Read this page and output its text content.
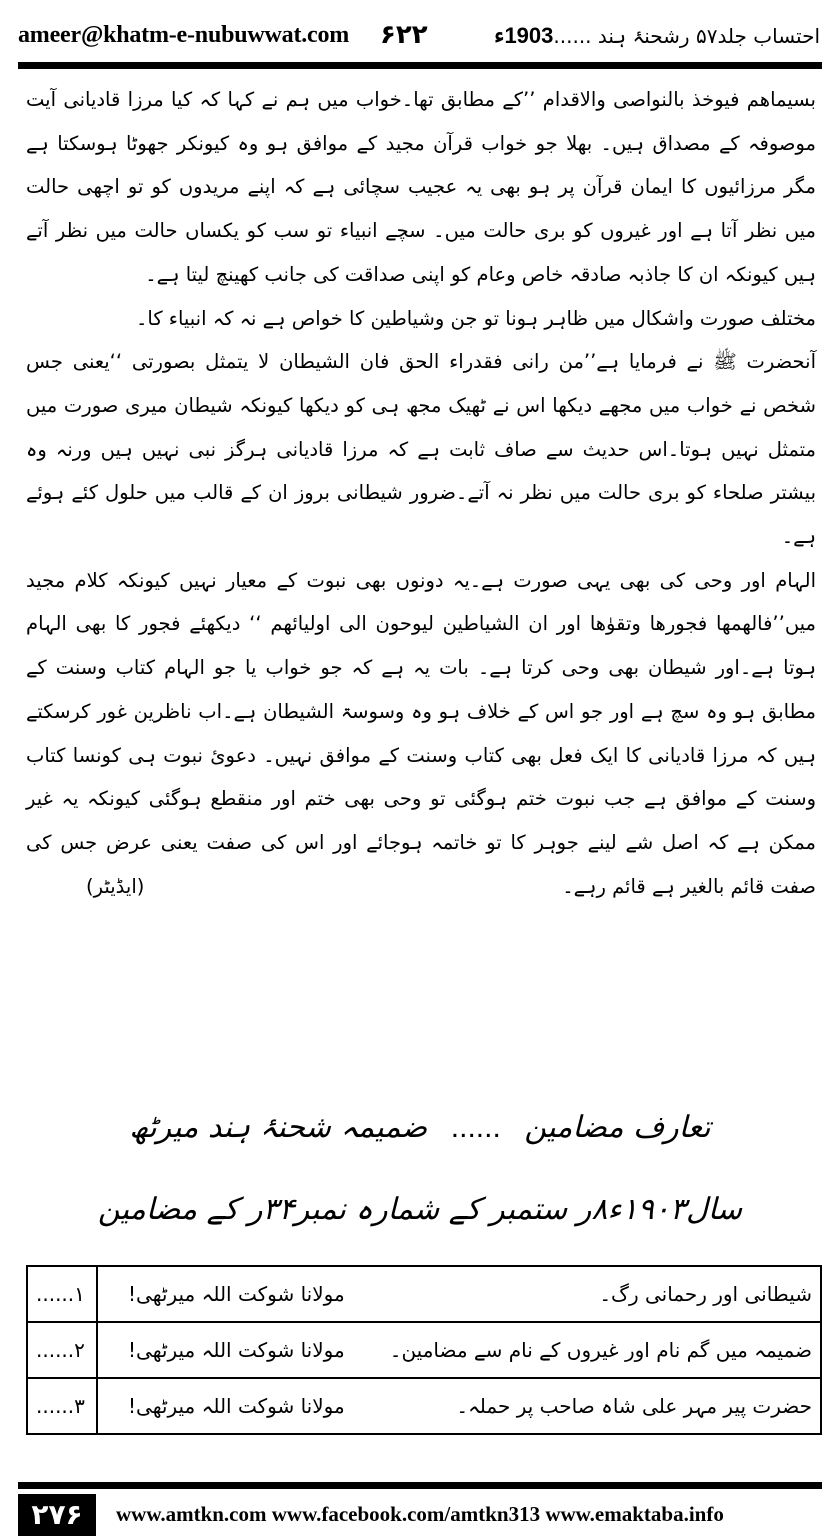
ameer@khatm-e-nubuwwat.com ۶۲۲	احتساب جلد۵۷ رشحنۂ ہند ......1903ء

بسیماھم فیوخذ بالنواصی والاقدام ’’کے مطابق تھا۔خواب میں ہم نے کہا کہ کیا مرزا قادیانی آیت موصوفہ کے مصداق ہیں۔ بھلا جو خواب قرآن مجید کے موافق ہو وہ کیونکر جھوٹا ہوسکتا ہے مگر مرزائیوں کا ایمان قرآن پر ہو بھی یہ عجیب سچائی ہے کہ اپنے مریدوں کو تو اچھی حالت میں نظر آتا ہے اور غیروں کو بری حالت میں۔ سچے انبیاء تو سب کو یکساں حالت میں نظر آتے ہیں کیونکہ ان کا جاذبہ صادقہ خاص وعام کو اپنی صداقت کی جانب کھینچ لیتا ہے۔

مختلف صورت واشکال میں ظاہر ہونا تو جن وشیاطین کا خواص ہے نہ کہ انبیاء کا۔

آنحضرت ﷺ نے فرمایا ہے’’من رانی فقدراء الحق فان الشیطان لا یتمثل بصورتی ‘‘یعنی جس شخص نے خواب میں مجھے دیکھا اس نے ٹھیک مجھ ہی کو دیکھا کیونکہ شیطان میری صورت میں متمثل نہیں ہوتا۔اس حدیث سے صاف ثابت ہے کہ مرزا قادیانی ہرگز نبی نہیں ہیں ورنہ وہ بیشتر صلحاء کو بری حالت میں نظر نہ آتے۔ضرور شیطانی بروز ان کے قالب میں حلول کئے ہوئے ہے۔

الہام اور وحی کی بھی یہی صورت ہے۔یہ دونوں بھی نبوت کے معیار نہیں کیونکہ کلام مجید میں’’فالھمھا فجورھا وتقوٰھا اور ان الشیاطین لیوحون الی اولیائھم ‘‘ دیکھئے فجور کا بھی الہام ہوتا ہے۔اور شیطان بھی وحی کرتا ہے۔ بات یہ ہے کہ جو خواب یا جو الہام کتاب وسنت کے مطابق ہو وہ سچ ہے اور جو اس کے خلاف ہو وہ وسوسۃ الشیطان ہے۔اب ناظرین غور کرسکتے ہیں کہ مرزا قادیانی کا ایک فعل بھی کتاب وسنت کے موافق نہیں۔ دعوئ نبوت ہی کونسا کتاب وسنت کے موافق ہے جب نبوت ختم ہوگئی تو وحی بھی ختم اور منقطع ہوگئی کیونکہ یہ غیر ممکن ہے کہ اصل شے لینے جوہر کا تو خاتمہ ہوجائے اور اس کی صفت یعنی عرض جس کی صفت قائم بالغیر ہے قائم رہے۔
(ایڈیٹر)

تعارف مضامین ...... ضمیمہ شحنۂ ہند میرٹھ
سال۱۹۰۳ء۸ر ستمبر کے شمارہ نمبر۳۴ر کے مضامین
شیطانی اور رحمانی رگ۔
مولانا شوکت اللہ میرٹھی!	۱......

ضمیمہ میں گم نام اور غیروں کے نام سے مضامین۔
مولانا شوکت اللہ میرٹھی!	۲......

حضرت پیر مہر علی شاہ صاحب پر حملہ۔
مولانا شوکت اللہ میرٹھی!	۳......
۲۷۶	www.amtkn.com www.facebook.com/amtkn313 www.emaktaba.info
